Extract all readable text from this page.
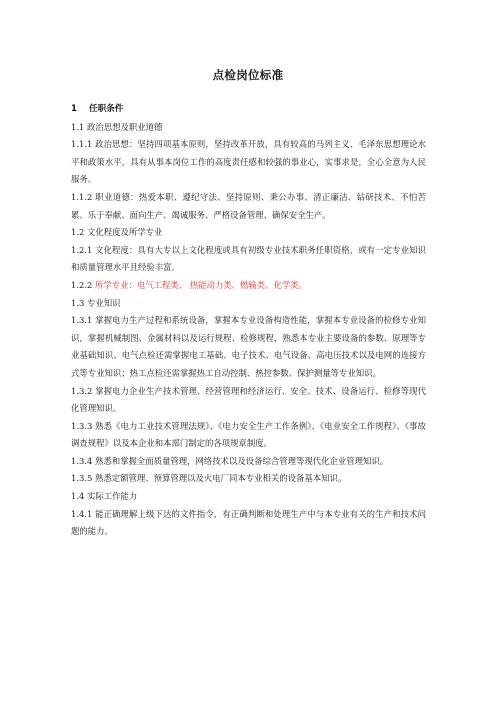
点检岗位标准

1 任职条件

1.1 政治思想及职业道德

1.1.1 政治思想：坚持四项基本原则，坚持改革开放，具有较高的马列主义、毛泽东思想理论水平和政策水平，具有从事本岗位工作的高度责任感和较强的事业心，实事求是，全心全意为人民服务。

1.1.2 职业道德：热爱本职、遵纪守法、坚持原则、秉公办事、清正廉洁、钻研技术、不怕苦累、乐于奉献、面向生产、竭诚服务、严格设备管理、确保安全生产。

1.2 文化程度及所学专业

1.2.1 文化程度：具有大专以上文化程度或具有初级专业技术职务任职资格，或有一定专业知识和质量管理水平且经验丰富。

1.2.2 所学专业：电气工程类、 热能动力类、燃输类、化学类。

1.3 专业知识

1.3.1 掌握电力生产过程和系统设备，掌握本专业设备构造性能，掌握本专业设备的检修专业知识，掌握机械制图、金属材料以及运行规程、检修规程，熟悉本专业主要设备的参数、原理等专业基础知识、电气点检还需掌握电工基础、电子技术、电气设备、高电压技术以及电网的连接方式等专业知识；热工点检还需掌握热工自动控制、热控参数、保护测量等专业知识。

1.3.2 掌握电力企业生产技术管理、经营管理和经济运行、安全、技术、设备运行、检修等现代化管理知识。

1.3.3 熟悉《电力工业技术管理法规》、《电力安全生产工作条例》、《电业安全工作规程》、《事故调查规程》以及本企业和本部门制定的各项规章制度。

1.3.4 熟悉和掌握全面质量管理，网络技术以及设备综合管理等现代化企业管理知识。

1.3.5 熟悉定额管理、预算管理以及火电厂同本专业相关的设备基本知识。

1.4 实际工作能力

1.4.1 能正确理解上级下达的文件指令，有正确判断和处理生产中与本专业有关的生产和技术问题的能力。
